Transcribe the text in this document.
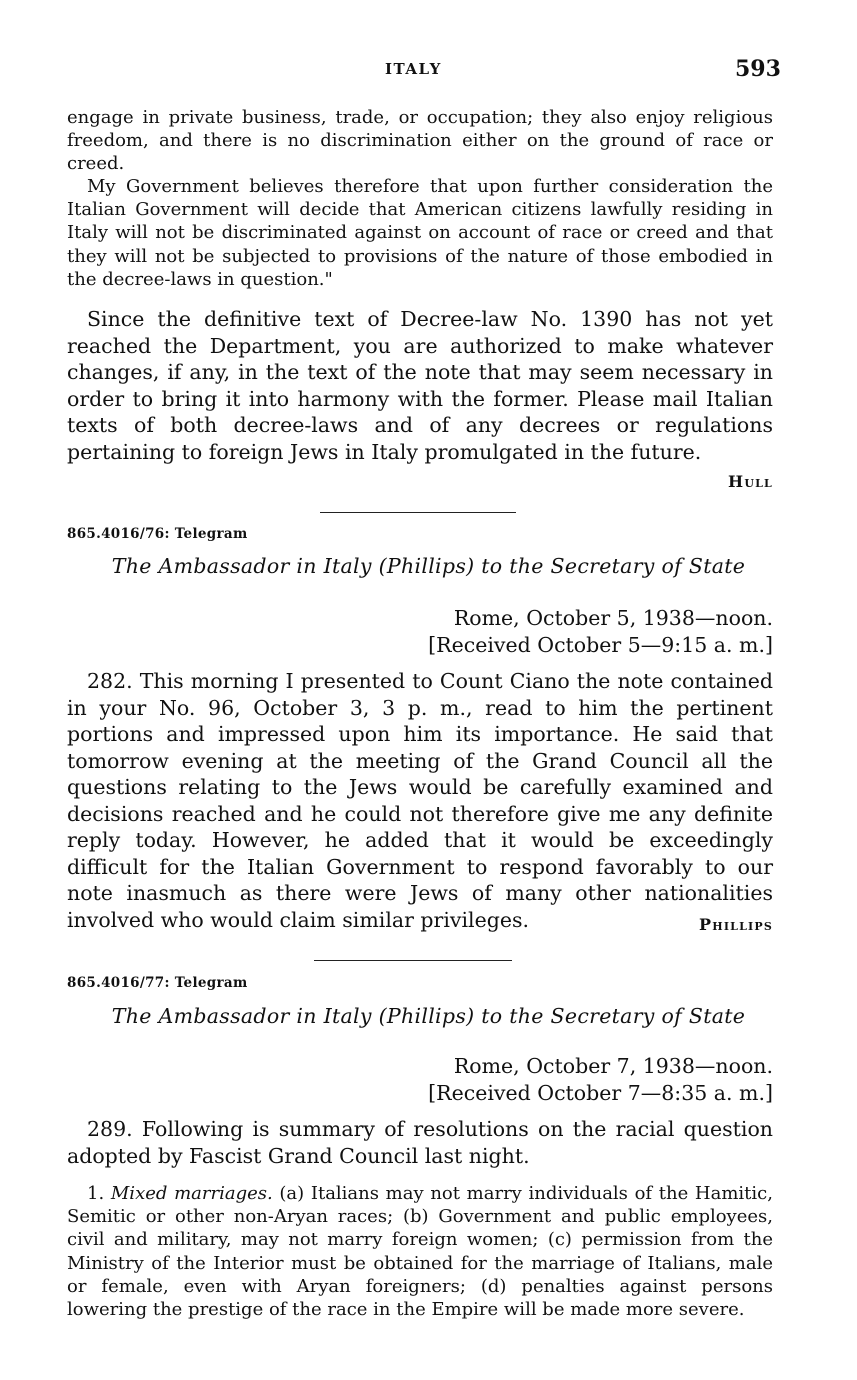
ITALY	593

engage in private business, trade, or occupation; they also enjoy religious freedom, and there is no discrimination either on the ground of race or creed.

My Government believes therefore that upon further consideration the Italian Government will decide that American citizens lawfully residing in Italy will not be discriminated against on account of race or creed and that they will not be subjected to provisions of the nature of those embodied in the decree-laws in question."

Since the definitive text of Decree-law No. 1390 has not yet reached the Department, you are authorized to make whatever changes, if any, in the text of the note that may seem necessary in order to bring it into harmony with the former. Please mail Italian texts of both decree-laws and of any decrees or regulations pertaining to foreign Jews in Italy promulgated in the future.

Hull
865.4016/76: Telegram
The Ambassador in Italy (Phillips) to the Secretary of State
Rome, October 5, 1938—noon.
[Received October 5—9:15 a. m.]

282. This morning I presented to Count Ciano the note contained in your No. 96, October 3, 3 p. m., read to him the pertinent portions and impressed upon him its importance. He said that tomorrow evening at the meeting of the Grand Council all the questions relating to the Jews would be carefully examined and decisions reached and he could not therefore give me any definite reply today. However, he added that it would be exceedingly difficult for the Italian Government to respond favorably to our note inasmuch as there were Jews of many other nationalities involved who would claim similar privileges.	Phillips
865.4016/77: Telegram
The Ambassador in Italy (Phillips) to the Secretary of State
Rome, October 7, 1938—noon.
[Received October 7—8:35 a. m.]

289. Following is summary of resolutions on the racial question adopted by Fascist Grand Council last night.

1. Mixed marriages. (a) Italians may not marry individuals of the Hamitic, Semitic or other non-Aryan races; (b) Government and public employees, civil and military, may not marry foreign women; (c) permission from the Ministry of the Interior must be obtained for the marriage of Italians, male or female, even with Aryan foreigners; (d) penalties against persons lowering the prestige of the race in the Empire will be made more severe.
